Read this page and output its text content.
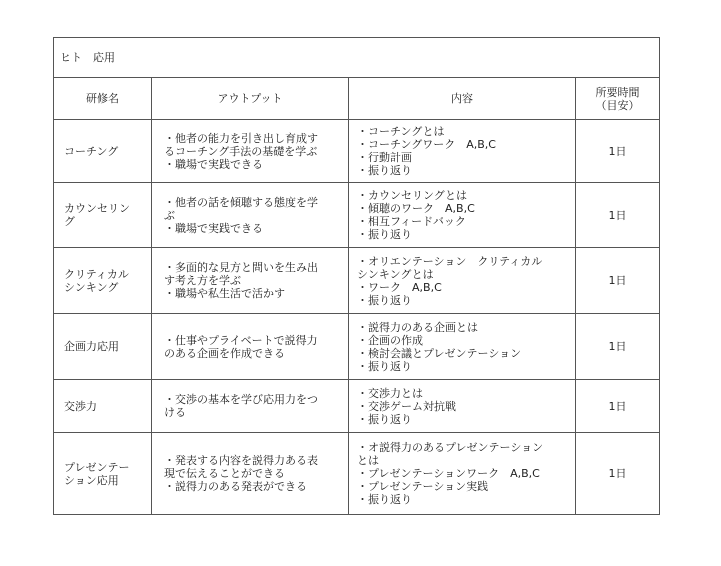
ヒト　応用			
研修名	アウトプット	内容	所要時間
（目安）

コーチング	・他者の能力を引き出し育成す
るコーチング手法の基礎を学ぶ
・職場で実践できる	・コーチングとは
・コーチングワーク　A,B,C
・行動計画
・振り返り	1日

カウンセリン
グ	・他者の話を傾聴する態度を学
ぶ
・職場で実践できる	・カウンセリングとは
・傾聴のワーク　A,B,C
・相互フィードバック
・振り返り	1日

クリティカル
シンキング	・多面的な見方と問いを生み出
す考え方を学ぶ
・職場や私生活で活かす	・オリエンテーション　クリティカル
シンキングとは
・ワーク　A,B,C
・振り返り	1日

企画力応用	・仕事やプライベートで説得力
のある企画を作成できる	・説得力のある企画とは
・企画の作成
・検討会議とプレゼンテーション
・振り返り	1日

交渉力	・交渉の基本を学び応用力をつ
ける	・交渉力とは
・交渉ゲーム対抗戦
・振り返り	1日

プレゼンテー
ション応用	・発表する内容を説得力ある表
現で伝えることができる
・説得力のある発表ができる	・オ説得力のあるプレゼンテーション
とは
・プレゼンテーションワーク　A,B,C
・プレゼンテーション実践
・振り返り	1日
